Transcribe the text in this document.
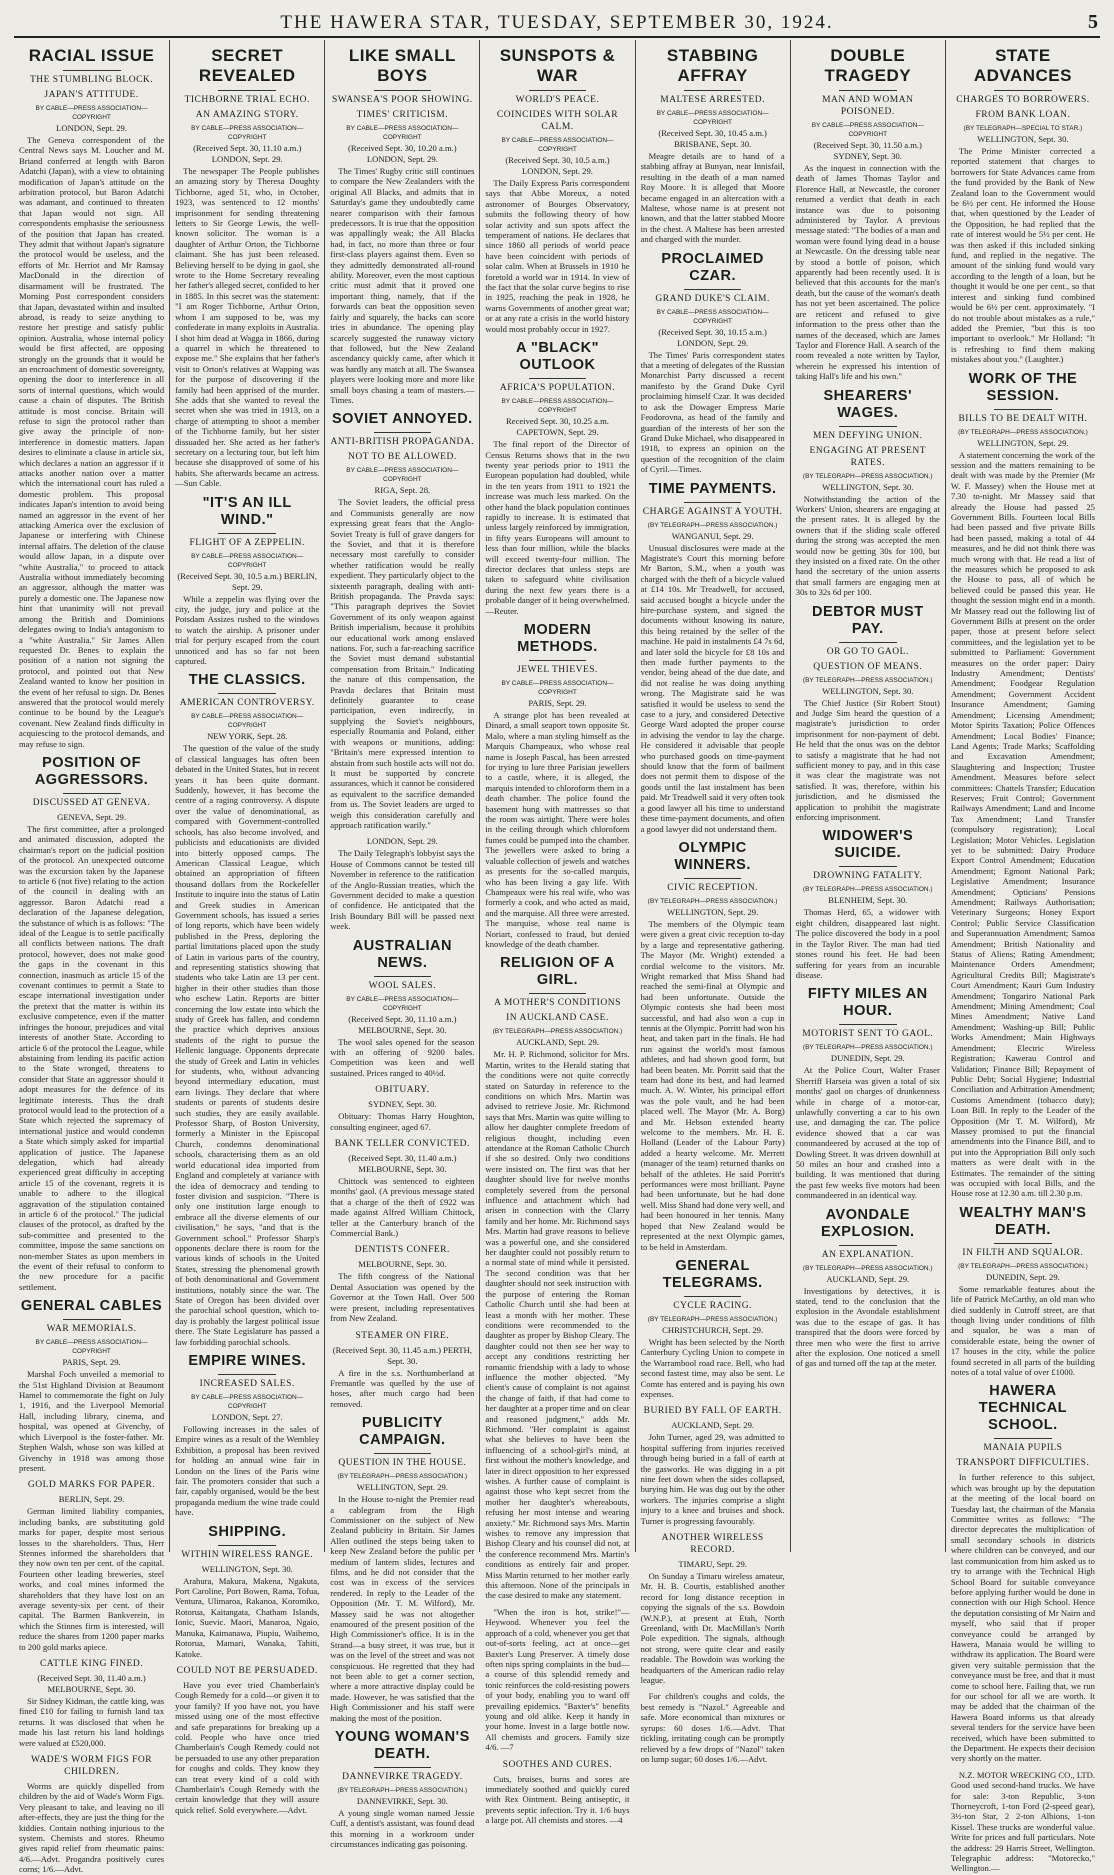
THE HAWERA STAR, TUESDAY, SEPTEMBER 30, 1924.	5
RACIAL ISSUE
THE STUMBLING BLOCK.
JAPAN'S ATTITUDE.
BY CABLE—PRESS ASSOCIATION—COPYRIGHT
LONDON, Sept. 29.
The Geneva correspondent of the Central News says M. Loucher and M. Briand conferred at length with Baron Adatchi (Japan), with a view to obtaining modification of Japan's attitude on the arbitration protocol, but Baron Adatchi was adamant, and continued to threaten that Japan would not sign. All correspondents emphasise the seriousness of the position that Japan has created. They admit that without Japan's signature the protocol would be useless, and the efforts of Mr. Herriot and Mr Ramsay MacDonald in the direction of disarmament will be frustrated. The Morning Post correspondent considers that Japan, devastated within and insulted abroad, is ready to seize anything to restore her prestige and satisfy public opinion. Australia, whose internal policy would be first affected, are opposing strongly on the grounds that it would be an encroachment of domestic sovereignty, opening the door to interference in all sorts of internal questions, which would cause a chain of disputes. The British attitude is most concise. Britain will refuse to sign the protocol rather than give away the principle of non-interference in domestic matters. Japan desires to eliminate a clause in article six, which declares a nation an aggressor if it attacks another nation over a matter which the international court has ruled a domestic problem. This proposal indicates Japan's intention to avoid being named an aggressor in the event of her attacking America over the exclusion of Japanese or interfering with Chinese internal affairs. The deletion of the clause would allow Japan, in a dispute over "white Australia," to proceed to attack Australia without immediately becoming an aggressor, although the matter was purely a domestic one. The Japanese now hint that unanimity will not prevail among the British and Dominions delegates owing to India's antagonism to a "white Australia." Sir James Allen requested Dr. Benes to explain the position of a nation not signing the protocol, and pointed out that New Zealand wanted to know her position in the event of her refusal to sign. Dr. Benes answered that the protocol would merely continue to be bound by the League's covenant. New Zealand finds difficulty in acquiescing to the protocol demands, and may refuse to sign.
POSITION OF AGGRESSORS.
DISCUSSED AT GENEVA.
GENEVA, Sept. 29.
The first committee, after a prolonged and animated discussion, adopted the chairman's report on the judicial position of the protocol. An unexpected outcome was the excursion taken by the Japanese to article 6 (not five) relating to the action of the council in dealing with an aggressor. Baron Adatchi read a declaration of the Japanese delegation, the substance of which is as follows: "The ideal of the League is to settle pacifically all conflicts between nations. The draft protocol, however, does not make good the gaps in the covenant in this connection, inasmuch as article 15 of the covenant continues to permit a State to escape international investigation under the pretext that the matter is within its exclusive competence, even if the matter infringes the honour, prejudices and vital interests of another State. According to article 6 of the protocol the League, while abstaining from lending its pacific action to the State wronged, threatens to consider that State an aggressor should it adopt measures for the defence of its legitimate interests. Thus the draft protocol would lead to the protection of a State which rejected the supremacy of international justice and would condemn a State which simply asked for impartial application of justice. The Japanese delegation, which had already experienced great difficulty in accepting article 15 of the covenant, regrets it is unable to adhere to the illogical aggravation of the stipulation contained in article 6 of the protocol." The judicial clauses of the protocol, as drafted by the sub-committee and presented to the committee, impose the same sanctions on non-member States as upon members in the event of their refusal to conform to the new procedure for a pacific settlement.
GENERAL CABLES
WAR MEMORIALS.
BY CABLE—PRESS ASSOCIATION—COPYRIGHT
PARIS, Sept. 29.
Marshal Foch unveiled a memorial to the 51st Highland Division at Beaumont Hamel to commemorate the fight on July 1, 1916, and the Liverpool Memorial Hall, including library, cinema, and hospital, was opened at Givenchy, of which Liverpool is the foster-father. Mr. Stephen Walsh, whose son was killed at Givenchy in 1918 was among those present.
GOLD MARKS FOR PAPER.
BERLIN, Sept. 29.
German limited liability companies, including banks, are substituting gold marks for paper, despite most serious losses to the shareholders. Thus, Herr Stennes informed the shareholders that they now own ten per cent. of the capital. Fourteen other leading breweries, steel works, and coal mines informed the shareholders that they have lost on an average seventy-six per cent. of their capital. The Barmen Bankverein, in which the Stinnes firm is interested, will reduce the shares from 1200 paper marks to 200 gold marks apiece.
CATTLE KING FINED.
(Received Sept. 30, 11.40 a.m.) MELBOURNE, Sept. 30.
Sir Sidney Kidman, the cattle king, was fined £10 for failing to furnish land tax returns. It was disclosed that when he made his last return his land holdings were valued at £520,000.
WADE'S WORM FIGS FOR CHILDREN.
Worms are quickly dispelled from children by the aid of Wade's Worm Figs. Very pleasant to take, and leaving no ill after-effects, they are just the thing for the kiddies. Contain nothing injurious to the system. Chemists and stores. Rheumo gives rapid relief from rheumatic pains: 4/6.—Advt. Progandra positively cures corns; 1/6.—Advt.
SECRET REVEALED
TICHBORNE TRIAL ECHO.
AN AMAZING STORY.
BY CABLE—PRESS ASSOCIATION—COPYRIGHT
(Received Sept. 30, 11.10 a.m.) LONDON, Sept. 29.
The newspaper The People publishes an amazing story by Theresa Doughty Tichborne, aged 51, who, in October, 1923, was sentenced to 12 months' imprisonment for sending threatening letters to Sir George Lewis, the well-known solicitor. The woman is a daughter of Arthur Orton, the Tichborne claimant. She has just been released. Believing herself to be dying in gaol, she wrote to the Home Secretary revealing her father's alleged secret, confided to her in 1885. In this secret was the statement: "I am Roger Tichborne, Arthur Orton, whom I am supposed to be, was my confederate in many exploits in Australia. I shot him dead at Wagga in 1866, during a quarrel in which he threatened to expose me." She explains that her father's visit to Orton's relatives at Wapping was for the purpose of discovering if the family had been apprised of the murder. She adds that she wanted to reveal the secret when she was tried in 1913, on a charge of attempting to shoot a member of the Tichborne family, but her sister dissuaded her. She acted as her father's secretary on a lecturing tour, but left him because she disapproved of some of his habits. She afterwards became an actress.—Sun Cable.
"IT'S AN ILL WIND."
FLIGHT OF A ZEPPELIN.
BY CABLE—PRESS ASSOCIATION—COPYRIGHT
(Received Sept. 30, 10.5 a.m.) BERLIN, Sept. 29.
While a zeppelin was flying over the city, the judge, jury and police at the Potsdam Assizes rushed to the windows to watch the airship. A prisoner under trial for perjury escaped from the court unnoticed and has so far not been captured.
THE CLASSICS.
AMERICAN CONTROVERSY.
BY CABLE—PRESS ASSOCIATION—COPYRIGHT
NEW YORK, Sept. 28.
The question of the value of the study of classical languages has often been debated in the United States, but in recent years it has been quite dormant. Suddenly, however, it has become the centre of a raging controversy. A dispute over the value of denominational, as compared with Government-controlled schools, has also become involved, and publicists and educationists are divided into bitterly opposed camps. The American Classical League, which obtained an appropriation of fifteen thousand dollars from the Rockefeller Institute to inquire into the status of Latin and Greek studies in American Government schools, has issued a series of long reports, which have been widely published in the Press, deploring the partial limitations placed upon the study of Latin in various parts of the country, and representing statistics showing that students who take Latin are 13 per cent. higher in their other studies than those who eschew Latin. Reports are bitter concerning the low estate into which the study of Greek has fallen, and condemn the practice which deprives anxious students of the right to pursue the Hellenic language. Opponents deprecate the study of Greek and Latin in vehicles for students, who, without advancing beyond intermediary education, must earn livings. They declare that where students or parents of students desire such studies, they are easily available. Professor Sharp, of Boston University, formerly a Minister in the Episcopal Church, condemns denominational schools, characterising them as an old world educational idea imported from England and completely at variance with the idea of democracy and tending to foster division and suspicion. "There is only one institution large enough to embrace all the diverse elements of our civilisation," he says, "and that is the Government school." Professor Sharp's opponents declare there is room for the various kinds of schools in the United States, stressing the phenomenal growth of both denominational and Government institutions, notably since the war. The State of Oregon has been divided over the parochial school question, which to-day is probably the largest political issue there. The State Legislature has passed a law forbidding parochial schools.
EMPIRE WINES.
INCREASED SALES.
BY CABLE—PRESS ASSOCIATION—COPYRIGHT
LONDON, Sept. 27.
Following increases in the sales of Empire wines as a result of the Wembley Exhibition, a proposal has been revived for holding an annual wine fair in London on the lines of the Paris wine fair. The promoters consider that such a fair, capably organised, would be the best propaganda medium the wine trade could have.
SHIPPING.
WITHIN WIRELESS RANGE.
WELLINGTON, Sept. 30.
Arahura, Makura, Makena, Ngakuta, Port Caroline, Port Bowen, Rama, Tofua, Ventura, Ulimaroa, Rakanoa, Koromiko, Rotorua, Kaitangata, Chatham Islands, Ionic, Suevic. Maori, Manaroa, Ngaio, Manuka, Kaimanawa, Piupiu, Waihemo, Rotorua, Mamari, Wanaka, Tahiti, Katoke.
COULD NOT BE PERSUADED.
Have you ever tried Chamberlain's Cough Remedy for a cold—or given it to your family? If you have not, you have missed using one of the most effective and safe preparations for breaking up a cold. People who have once tried Chamberlain's Cough Remedy could not be persuaded to use any other preparation for coughs and colds. They know they can treat every kind of a cold with Chamberlain's Cough Remedy with the certain knowledge that they will assure quick relief. Sold everywhere.—Advt.
LIKE SMALL BOYS
SWANSEA'S POOR SHOWING.
TIMES' CRITICISM.
BY CABLE—PRESS ASSOCIATION—COPYRIGHT
(Received Sept. 30, 10.20 a.m.) LONDON, Sept. 29.
The Times' Rugby critic still continues to compare the New Zealanders with the original All Blacks, and admits that in Saturday's game they undoubtedly came nearer comparison with their famous predecessors. It is true that the opposition was appallingly weak; the All Blacks had, in fact, no more than three or four first-class players against them. Even so they admittedly demonstrated all-round ability. Moreover, even the most captious critic must admit that it proved one important thing, namely, that if the forwards can beat the opposition seven fairly and squarely, the backs can score tries in abundance. The opening play scarcely suggested the runaway victory that followed, but the New Zealand ascendancy quickly came, after which it was hardly any match at all. The Swansea players were looking more and more like small boys chasing a team of masters.—Times.
SOVIET ANNOYED.
ANTI-BRITISH PROPAGANDA.
NOT TO BE ALLOWED.
BY CABLE—PRESS ASSOCIATION—COPYRIGHT
RIGA, Sept. 28.
The Soviet leaders, the official press and Communists generally are now expressing great fears that the Anglo-Soviet Treaty is full of grave dangers for the Soviet, and that it is therefore necessary most carefully to consider whether ratification would be really expedient. They particularly object to the sixteenth paragraph, dealing with anti-British propaganda. The Pravda says: "This paragraph deprives the Soviet Government of its only weapon against British imperialism, because it prohibits our educational work among enslaved nations. For, such a far-reaching sacrifice the Soviet must demand substantial compensation from Britain." Indicating the nature of this compensation, the Pravda declares that Britain must definitely guarantee to cease participation, even indirectly, in supplying the Soviet's neighbours, especially Roumania and Poland, either with weapons or munitions, adding: "Britain's mere expressed intention to abstain from such hostile acts will not do. It must be supported by concrete assurances, which it cannot be considered as equivalent to the sacrifice demanded from us. The Soviet leaders are urged to weigh this consideration carefully and approach ratification warily."
LONDON, Sept. 29.
The Daily Telegraph's lobbyist says the House of Commons cannot be tested till November in reference to the ratification of the Anglo-Russian treaties, which the Government decided to make a question of confidence. He anticipated that the Irish Boundary Bill will be passed next week.
AUSTRALIAN NEWS.
WOOL SALES.
BY CABLE—PRESS ASSOCIATION—COPYRIGHT
(Received Sept. 30, 11.10 a.m.) MELBOURNE, Sept. 30.
The wool sales opened for the season with an offering of 9200 bales. Competition was keen and well sustained. Prices ranged to 40½d.
OBITUARY.
SYDNEY, Sept. 30.
Obituary: Thomas Harry Houghton, consulting engineer, aged 67.
BANK TELLER CONVICTED.
(Received Sept. 30, 11.40 a.m.) MELBOURNE, Sept. 30.
Chittock was sentenced to eighteen months' gaol. (A previous message stated that a charge of the theft of £922 was made against Alfred William Chittock, teller at the Canterbury branch of the Commercial Bank.)
DENTISTS CONFER.
MELBOURNE, Sept. 30.
The fifth congress of the National Dental Association was opened by the Governor at the Town Hall. Over 500 were present, including representatives from New Zealand.
STEAMER ON FIRE.
(Received Sept. 30, 11.45 a.m.) PERTH, Sept. 30.
A fire in the s.s. Northumberland at Fremantle was quelled by the use of hoses, after much cargo had been removed.
PUBLICITY CAMPAIGN.
QUESTION IN THE HOUSE.
(BY TELEGRAPH—PRESS ASSOCIATION.)
WELLINGTON, Sept. 29.
In the House to-night the Premier read a cablegram from the High Commissioner on the subject of New Zealand publicity in Britain. Sir James Allen outlined the steps being taken to keep New Zealand before the public per medium of lantern slides, lectures and films, and he did not consider that the cost was in excess of the services rendered. In reply to the Leader of the Opposition (Mr. T. M. Wilford), Mr. Massey said he was not altogether enamoured of the present position of the High Commissioner's office. It is in the Strand—a busy street, it was true, but it was on the level of the street and was not conspicuous. He regretted that they had not been able to get a corner section, where a more attractive display could be made. However, he was satisfied that the High Commissioner and his staff were making the most of the position.
YOUNG WOMAN'S DEATH.
DANNEVIRKE TRAGEDY.
(BY TELEGRAPH—PRESS ASSOCIATION.)
DANNEVIRKE, Sept. 30.
A young single woman named Jessie Cuff, a dentist's assistant, was found dead this morning in a workroom under circumstances indicating gas poisoning.
SUNSPOTS & WAR
WORLD'S PEACE.
COINCIDES WITH SOLAR CALM.
BY CABLE—PRESS ASSOCIATION—COPYRIGHT
(Received Sept. 30, 10.5 a.m.) LONDON, Sept. 29.
The Daily Express Paris correspondent says that Abbe Moreux, a noted astronomer of Bourges Observatory, submits the following theory of how solar activity and sun spots affect the temperament of nations. He declares that since 1860 all periods of world peace have been coincident with periods of solar calm. When at Brussels in 1910 he foretold a world war in 1914. In view of the fact that the solar curve begins to rise in 1925, reaching the peak in 1928, he warns Governments of another great war; or at any rate a crisis in the world history would most probably occur in 1927.
A "BLACK" OUTLOOK
AFRICA'S POPULATION.
BY CABLE—PRESS ASSOCIATION—COPYRIGHT
Received Sept. 30, 10.25 a.m. CAPETOWN, Sept. 29.
The final report of the Director of Census Returns shows that in the two twenty year periods prior to 1911 the European population had doubled, while in the ten years from 1911 to 1921 the increase was much less marked. On the other hand the black population continues rapidly to increase. It is estimated that unless largely reinforced by immigration, in fifty years Europeans will amount to less than four million, while the blacks will exceed twenty-four million. The director declares that unless steps are taken to safeguard white civilisation during the next few years there is a probable danger of it being overwhelmed.—Reuter.
MODERN METHODS.
JEWEL THIEVES.
BY CABLE—PRESS ASSOCIATION—COPYRIGHT
PARIS, Sept. 29.
A strange plot has been revealed at Dinard, a small seaport town opposite St. Malo, where a man styling himself as the Marquis Champeaux, who whose real name is Joseph Pascal, has been arrested for trying to lure three Parisian jewellers to a castle, where, it is alleged, the marquis intended to chloroform them in a death chamber. The police found the basement hung with mattresses so that the room was airtight. There were holes in the ceiling through which chloroform fumes could be pumped into the chamber. The jewellers were asked to bring a valuable collection of jewels and watches as presents for the so-called marquis, who has been living a gay life. With Champeaux were his real wife, who was formerly a cook, and who acted as maid, and the marquise. All three were arrested. The marquise, whose real name is Noriart, confessed to fraud, but denied knowledge of the death chamber.
RELIGION OF A GIRL.
A MOTHER'S CONDITIONS
IN AUCKLAND CASE.
(BY TELEGRAPH—PRESS ASSOCIATION.)
AUCKLAND, Sept. 29.
Mr. H. P. Richmond, solicitor for Mrs. Martin, writes to the Herald stating that the conditions were not quite correctly stated on Saturday in reference to the conditions on which Mrs. Martin was advised to retrieve Josie. Mr. Richmond says that Mrs. Martin was quite willing to allow her daughter complete freedom of religious thought, including even attendance at the Roman Catholic Church if she so desired. Only two conditions were insisted on. The first was that her daughter should live for twelve months completely severed from the personal influence and attachment which had arisen in connection with the Clarry family and her home. Mr. Richmond says Mrs. Martin had grave reasons to believe was a powerful one, and she considered her daughter could not possibly return to a normal state of mind while it persisted. The second condition was that her daughter should not seek instruction with the purpose of entering the Roman Catholic Church until she had been at least a month with her mother. These conditions were recommended to the daughter as proper by Bishop Cleary. The daughter could not then see her way to accept any conditions restricting her romantic friendship with a lady to whose influence the mother objected. "My client's cause of complaint is not against the change of faith, if that had come to her daughter at a proper time and on clear and reasoned judgment," adds Mr. Richmond. "Her complaint is against what she believes to have been the influencing of a school-girl's mind, at first without the mother's knowledge, and later in direct opposition to her expressed wishes. A further cause of complaint is against those who kept secret from the mother her daughter's whereabouts, refusing her most intense and wearing anxiety." Mr. Richmond says Mrs. Martin wishes to remove any impression that Bishop Cleary and his counsel did not, at the conference recommend Mrs. Martin's conditions as entirely fair and proper. Miss Martin returned to her mother early this afternoon. None of the principals in the case desired to make any statement.
"When the iron is hot, strike!"—Heywood. Whenever you feel the approach of a cold, whenever you get that out-of-sorts feeling, act at once—get Baxter's Lung Preserver. A timely dose often nips spring complaints in the bud—a course of this splendid remedy and tonic reinforces the cold-resisting powers of your body, enabling you to ward off prevailing epidemics. "Baxter's" benefits young and old alike. Keep it handy in your home. Invest in a large bottle now. All chemists and grocers. Family size 4/6. —7
SOOTHES AND CURES.
Cuts, bruises, burns and sores are immediately soothed and quickly cured with Rex Ointment. Being antiseptic, it prevents septic infection. Try it. 1/6 buys a large pot. All chemists and stores. —4
STABBING AFFRAY
MALTESE ARRESTED.
BY CABLE—PRESS ASSOCIATION—COPYRIGHT
(Received Sept. 30, 10.45 a.m.) BRISBANE, Sept. 30.
Meagre details are to hand of a stabbing affray at Bunyan, near Innisfail, resulting in the death of a man named Roy Moore. It is alleged that Moore became engaged in an altercation with a Maltese, whose name is at present not known, and that the latter stabbed Moore in the chest. A Maltese has been arrested and charged with the murder.
PROCLAIMED CZAR.
GRAND DUKE'S CLAIM.
BY CABLE—PRESS ASSOCIATION—COPYRIGHT
(Received Sept. 30, 10.15 a.m.) LONDON, Sept. 29.
The Times' Paris correspondent states that a meeting of delegates of the Russian Monarchist Party discussed a recent manifesto by the Grand Duke Cyril proclaiming himself Czar. It was decided to ask the Dowager Empress Marie Feodorovna, as head of the family and guardian of the interests of her son the Grand Duke Michael, who disappeared in 1918, to express an opinion on the question of the recognition of the claim of Cyril.—Times.
TIME PAYMENTS.
CHARGE AGAINST A YOUTH.
(BY TELEGRAPH—PRESS ASSOCIATION.)
WANGANUI, Sept. 29.
Unusual disclosures were made at the Magistrate's Court this morning before Mr Barton, S.M., when a youth was charged with the theft of a bicycle valued at £14 10s. Mr Treadwell, for accused, said accused bought a bicycle under the hire-purchase system, and signed the documents without knowing its nature, this being retained by the seller of the machine. He paid in instalments £4 7s 6d, and later sold the bicycle for £8 10s and then made further payments to the vendor, being ahead of the due date, and did not realise he was doing anything wrong. The Magistrate said he was satisfied it would be useless to send the case to a jury, and considered Detective George Ward adopted the proper course in advising the vendor to lay the charge. He considered it advisable that people who purchased goods on time-payment should know that the form of bailment does not permit them to dispose of the goods until the last instalment has been paid. Mr Treadwell said it very often took a good lawyer all his time to understand these time-payment documents, and often a good lawyer did not understand them.
OLYMPIC WINNERS.
CIVIC RECEPTION.
(BY TELEGRAPH—PRESS ASSOCIATION.)
WELLINGTON, Sept. 29.
The members of the Olympic team were given a great civic reception to-day by a large and representative gathering. The Mayor (Mr. Wright) extended a cordial welcome to the visitors. Mr. Wright remarked that Miss Shand had reached the semi-final at Olympic and had been unfortunate. Outside the Olympic contests she had been most successful, and had also won a cup in tennis at the Olympic. Porritt had won his heat, and taken part in the finals. He had run against the world's most famous athletes, and had shown good form, but had been beaten. Mr. Porritt said that the team had done its best, and had learned much. A. W. Winter, his principal effort was the pole vault, and he had been placed well. The Mayor (Mr. A. Borg) and Mr. Hebson extended hearty welcome to the members. Mr. H. E. Holland (Leader of the Labour Party) added a hearty welcome. Mr. Merrett (manager of the team) returned thanks on behalf of the athletes. He said Porritt's performances were most brilliant. Payne had been unfortunate, but he had done well. Miss Shand had done very well, and had been honoured in her tennis. Many hoped that New Zealand would be represented at the next Olympic games, to be held in Amsterdam.
GENERAL TELEGRAMS.
CYCLE RACING.
(BY TELEGRAPH—PRESS ASSOCIATION.)
CHRISTCHURCH, Sept. 29.
Wright has been selected by the North Canterbury Cycling Union to compete in the Warrambool road race. Bell, who had second fastest time, may also be sent. Le Comte has entered and is paying his own expenses.
BURIED BY FALL OF EARTH.
AUCKLAND, Sept. 29.
John Turner, aged 29, was admitted to hospital suffering from injuries received through being buried in a fall of earth at the gasworks. He was digging in a pit nine feet down when the sides collapsed, burying him. He was dug out by the other workers. The injuries comprise a slight injury to a knee and bruises and shock. Turner is progressing favourably.
ANOTHER WIRELESS RECORD.
TIMARU, Sept. 29.
On Sunday a Timaru wireless amateur, Mr. H. B. Courtis, established another record for long distance reception in copying the signals of the s.s. Bowdoin (W.N.P.), at present at Etah, North Greenland, with Dr. MacMillan's North Pole expedition. The signals, although not strong, were quite clear and easily readable. The Bowdoin was working the headquarters of the American radio relay league.
For children's coughs and colds, the best remedy is "Nazol." Agreeable and safe. More economical than mixtures or syrups: 60 doses 1/6.—Advt. That tickling, irritating cough can be promptly relieved by a few drops of "Nazol" taken on lump sugar; 60 doses 1/6.—Advt.
DOUBLE TRAGEDY
MAN AND WOMAN POISONED.
BY CABLE—PRESS ASSOCIATION—COPYRIGHT
(Received Sept. 30, 11.50 a.m.) SYDNEY, Sept. 30.
As the inquest in connection with the death of James Thomas Taylor and Florence Hall, at Newcastle, the coroner returned a verdict that death in each instance was due to poisoning administered by Taylor. A previous message stated: "The bodies of a man and woman were found lying dead in a house at Newcastle. On the dressing table near by stood a bottle of poison, which apparently had been recently used. It is believed that this accounts for the man's death, but the cause of the woman's death has not yet been ascertained. The police are reticent and refused to give information to the press other than the names of the deceased, which are James Taylor and Florence Hall. A search of the room revealed a note written by Taylor, wherein he expressed his intention of taking Hall's life and his own."
SHEARERS' WAGES.
MEN DEFYING UNION.
ENGAGING AT PRESENT RATES.
(BY TELEGRAPH—PRESS ASSOCIATION.)
WELLINGTON, Sept. 30.
Notwithstanding the action of the Workers' Union, shearers are engaging at the present rates. It is alleged by the owners that if the sliding scale offered during the strong was accepted the men would now be getting 30s for 100, but they insisted on a fixed rate. On the other hand the secretary of the union asserts that small farmers are engaging men at 30s to 32s 6d per 100.
DEBTOR MUST PAY.
OR GO TO GAOL.
QUESTION OF MEANS.
(BY TELEGRAPH—PRESS ASSOCIATION.)
WELLINGTON, Sept. 30.
The Chief Justice (Sir Robert Stout) and Judge Sim heard the question of a magistrate's jurisdiction to order imprisonment for non-payment of debt. He held that the onus was on the debtor to satisfy a magistrate that he had not sufficient money to pay, and in this case it was clear the magistrate was not satisfied. It was, therefore, within his jurisdiction, and he dismissed the application to prohibit the magistrate enforcing imprisonment.
WIDOWER'S SUICIDE.
DROWNING FATALITY.
(BY TELEGRAPH—PRESS ASSOCIATION.)
BLENHEIM, Sept. 30.
Thomas Herd, 65, a widower with eight children, disappeared last night. The police discovered the body in a pool in the Taylor River. The man had tied stones round his feet. He had been suffering for years from an incurable disease.
FIFTY MILES AN HOUR.
MOTORIST SENT TO GAOL.
(BY TELEGRAPH—PRESS ASSOCIATION.)
DUNEDIN, Sept. 29.
At the Police Court, Walter Fraser Sherriff Harseia was given a total of six months' gaol on charges of drunkenness while in charge of a motor-car, unlawfully converting a car to his own use, and damaging the car. The police evidence showed that a car was commandeered by accused at the top of Dowling Street. It was driven downhill at 50 miles an hour and crashed into a building. It was mentioned that during the past few weeks five motors had been commandeered in an identical way.
AVONDALE EXPLOSION.
AN EXPLANATION.
(BY TELEGRAPH—PRESS ASSOCIATION.)
AUCKLAND, Sept. 29.
Investigations by detectives, it is stated, tend to the conclusion that the explosion in the Avondale establishment was due to the escape of gas. It has transpired that the doors were forced by three men who were the first to arrive after the explosion. One noticed a smell of gas and turned off the tap at the meter.
STATE ADVANCES
CHARGES TO BORROWERS.
FROM BANK LOAN.
(BY TELEGRAPH—SPECIAL TO STAR.)
WELLINGTON, Sept. 30.
The Prime Minister corrected a reported statement that charges to borrowers for State Advances came from the fund provided by the Bank of New Zealand loan to the Government would be 6½ per cent. He informed the House that, when questioned by the Leader of the Opposition, he had replied that the rate of interest would be 5½ per cent. He was then asked if this included sinking fund, and replied in the negative. The amount of the sinking fund would vary according to the length of a loan, but he thought it would be one per cent., so that interest and sinking fund combined would be 6½ per cent. approximately. "I do not trouble about mistakes as a rule," added the Premier, "but this is too important to overlook." Mr Holland: "It is refreshing to find them making mistakes about you." (Laughter.)
WORK OF THE SESSION.
BILLS TO BE DEALT WITH.
(BY TELEGRAPH—PRESS ASSOCIATION.)
WELLINGTON, Sept. 29.
A statement concerning the work of the session and the matters remaining to be dealt with was made by the Premier (Mr W. F. Massey) when the House met at 7.30 to-night. Mr Massey said that already the House had passed 25 Government Bills. Fourteen local Bills had been passed and five private Bills had been passed, making a total of 44 measures, and he did not think there was much wrong with that. He read a list of the measures which he proposed to ask the House to pass, all of which he believed could be passed this year. He thought the session might end in a month. Mr Massey read out the following list of Government Bills at present on the order paper, those at present before select committees, and the legislation yet to be submitted to Parliament: Government measures on the order paper: Dairy Industry Amendment; Dentists' Amendment; Foodgear Regulation Amendment; Government Accident Insurance Amendment; Gaming Amendment; Licensing Amendment; Motor Spirits Taxation; Police Offences Amendment; Local Bodies' Finance; Land Agents; Trade Marks; Scaffolding and Excavation Amendment; Slaughtering and Inspection; Trustee Amendment. Measures before select committees: Chattels Transfer; Education Reserves; Fruit Control; Government Railways Amendment; Land and Income Tax Amendment; Land Transfer (compulsory registration); Local Legislation; Motor Vehicles. Legislation yet to be submitted: Dairy Produce Export Control Amendment; Education Amendment; Egmont National Park; Legislative Amendment; Insurance Amendment; Opticians' Pensions Amendment; Railways Authorisation; Veterinary Surgeons; Honey Export Control; Public Service Classification and Superannuation Amendment; Samoa Amendment; British Nationality and Status of Aliens; Rating Amendment; Maintenance Orders Amendment; Agricultural Credits Bill; Magistrate's Court Amendment; Kauri Gum Industry Amendment; Tongariro National Park Amendment; Mining Amendment; Coal Mines Amendment; Native Land Amendment; Washing-up Bill; Public Works Amendment; Main Highways Amendment; Electric Wireless Registration; Kawerau Control and Validation; Finance Bill; Repayment of Public Debt; Social Hygiene; Industrial Conciliation and Arbitration Amendment; Customs Amendment (tobacco duty); Loan Bill. In reply to the Leader of the Opposition (Mr T. M. Wilford), Mr Massey promised to put the financial amendments into the Finance Bill, and to put into the Appropriation Bill only such matters as were dealt with in the Estimates. The remainder of the sitting was occupied with local Bills, and the House rose at 12.30 a.m. till 2.30 p.m.
WEALTHY MAN'S DEATH.
IN FILTH AND SQUALOR.
(BY TELEGRAPH—PRESS ASSOCIATION.)
DUNEDIN, Sept. 29.
Some remarkable features about the life of Patrick McCarthy, an old man who died suddenly in Cutroff street, are that though living under conditions of filth and squalor, he was a man of considerable estate, being the owner of 17 houses in the city, while the police found secreted in all parts of the building notes of a total value of over £1000.
HAWERA TECHNICAL SCHOOL.
MANAIA PUPILS
TRANSPORT DIFFICULTIES.
In further reference to this subject, which was brought up by the deputation at the meeting of the local board on Tuesday last, the chairman of the Manaia Committee writes as follows: "The director deprecates the multiplication of small secondary schools in districts where children can be conveyed, and our last communication from him asked us to try to arrange with the Technical High School Board for suitable conveyance before applying further would be done in connection with our High School. Hence the deputation consisting of Mr Nairn and myself, who said that if proper conveyance could be arranged by Hawera, Manaia would be willing to withdraw its application. The Board were given very suitable permission that the conveyance must be free, and that it must come to school here. Failing that, we run for our school for all we are worth. It may be added that the chairman of the Hawera Board informs us that already several tenders for the service have been received, which have been submitted to the Department. He expects their decision very shortly on the matter.
N.Z. MOTOR WRECKING CO., LTD. Good used second-hand trucks. We have for sale: 3-ton Republic, 3-ton Thorneycroft, 1-ton Ford (2-speed gear), 3½-ton Star, 2 2-ton Albions, 1-ton Kissel. These trucks are wonderful value. Write for prices and full particulars. Note the address: 29 Harris Street, Wellington. Telegraphic address: "Motorecko," Wellington.—
